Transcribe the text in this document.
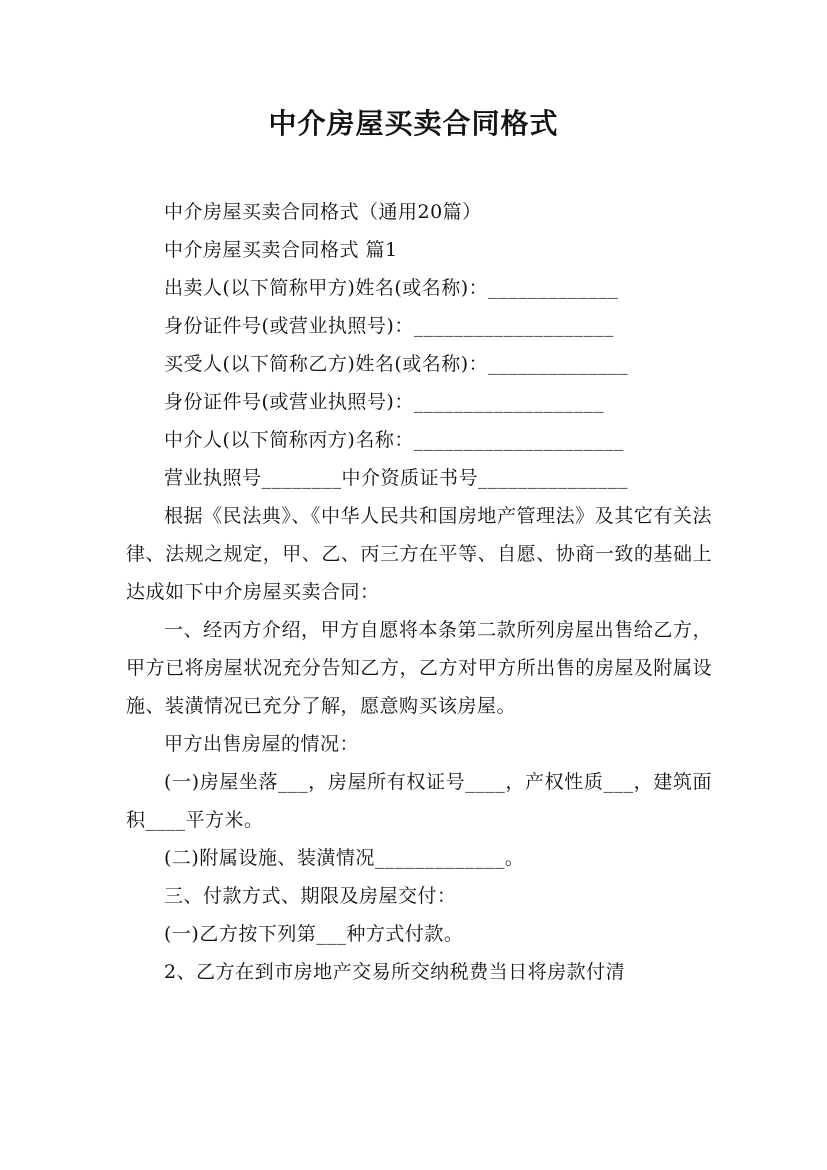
中介房屋买卖合同格式

中介房屋买卖合同格式（通用20篇）

中介房屋买卖合同格式 篇1

出卖人(以下简称甲方)姓名(或名称)：_____________

身份证件号(或营业执照号)：____________________

买受人(以下简称乙方)姓名(或名称)：______________

身份证件号(或营业执照号)：___________________

中介人(以下简称丙方)名称：_____________________

营业执照号________中介资质证书号_______________

根据《民法典》、《中华人民共和国房地产管理法》及其它有关法律、法规之规定，甲、乙、丙三方在平等、自愿、协商一致的基础上达成如下中介房屋买卖合同：

一、经丙方介绍，甲方自愿将本条第二款所列房屋出售给乙方，甲方已将房屋状况充分告知乙方，乙方对甲方所出售的房屋及附属设施、装潢情况已充分了解，愿意购买该房屋。

甲方出售房屋的情况：

(一)房屋坐落___，房屋所有权证号____，产权性质___，建筑面积____平方米。

(二)附属设施、装潢情况_____________。

三、付款方式、期限及房屋交付：

(一)乙方按下列第___种方式付款。

2、乙方在到市房地产交易所交纳税费当日将房款付清
